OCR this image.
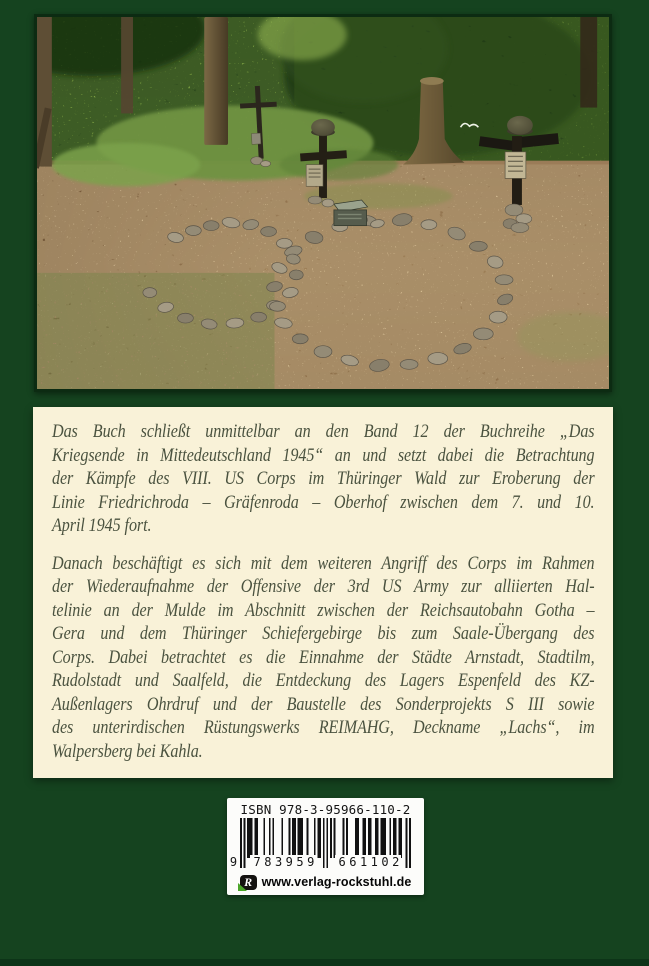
Das Buch schließt unmittelbar an den Band 12 der Buchreihe „Das
Kriegsende in Mittedeutschland 1945“ an und setzt dabei die Betrachtung
der Kämpfe des VIII. US Corps im Thüringer Wald zur Eroberung der
Linie Friedrichroda – Gräfenroda – Oberhof zwischen dem 7. und 10.
April 1945 fort.
Danach beschäftigt es sich mit dem weiteren Angriff des Corps im Rahmen
der Wiederaufnahme der Offensive der 3rd US Army zur alliierten Hal-
telinie an der Mulde im Abschnitt zwischen der Reichsautobahn Gotha –
Gera und dem Thüringer Schiefergebirge bis zum Saale-Übergang des
Corps. Dabei betrachtet es die Einnahme der Städte Arnstadt, Stadtilm,
Rudolstadt und Saalfeld, die Entdeckung des Lagers Espenfeld des KZ-
Außenlagers Ohrdruf und der Baustelle des Sonderprojekts S III sowie
des unterirdischen Rüstungswerks REIMAHG, Deckname „Lachs“, im
Walpersberg bei Kahla.
ISBN 978-3-95966-110-2
9 783959 661102
R www.verlag-rockstuhl.de
